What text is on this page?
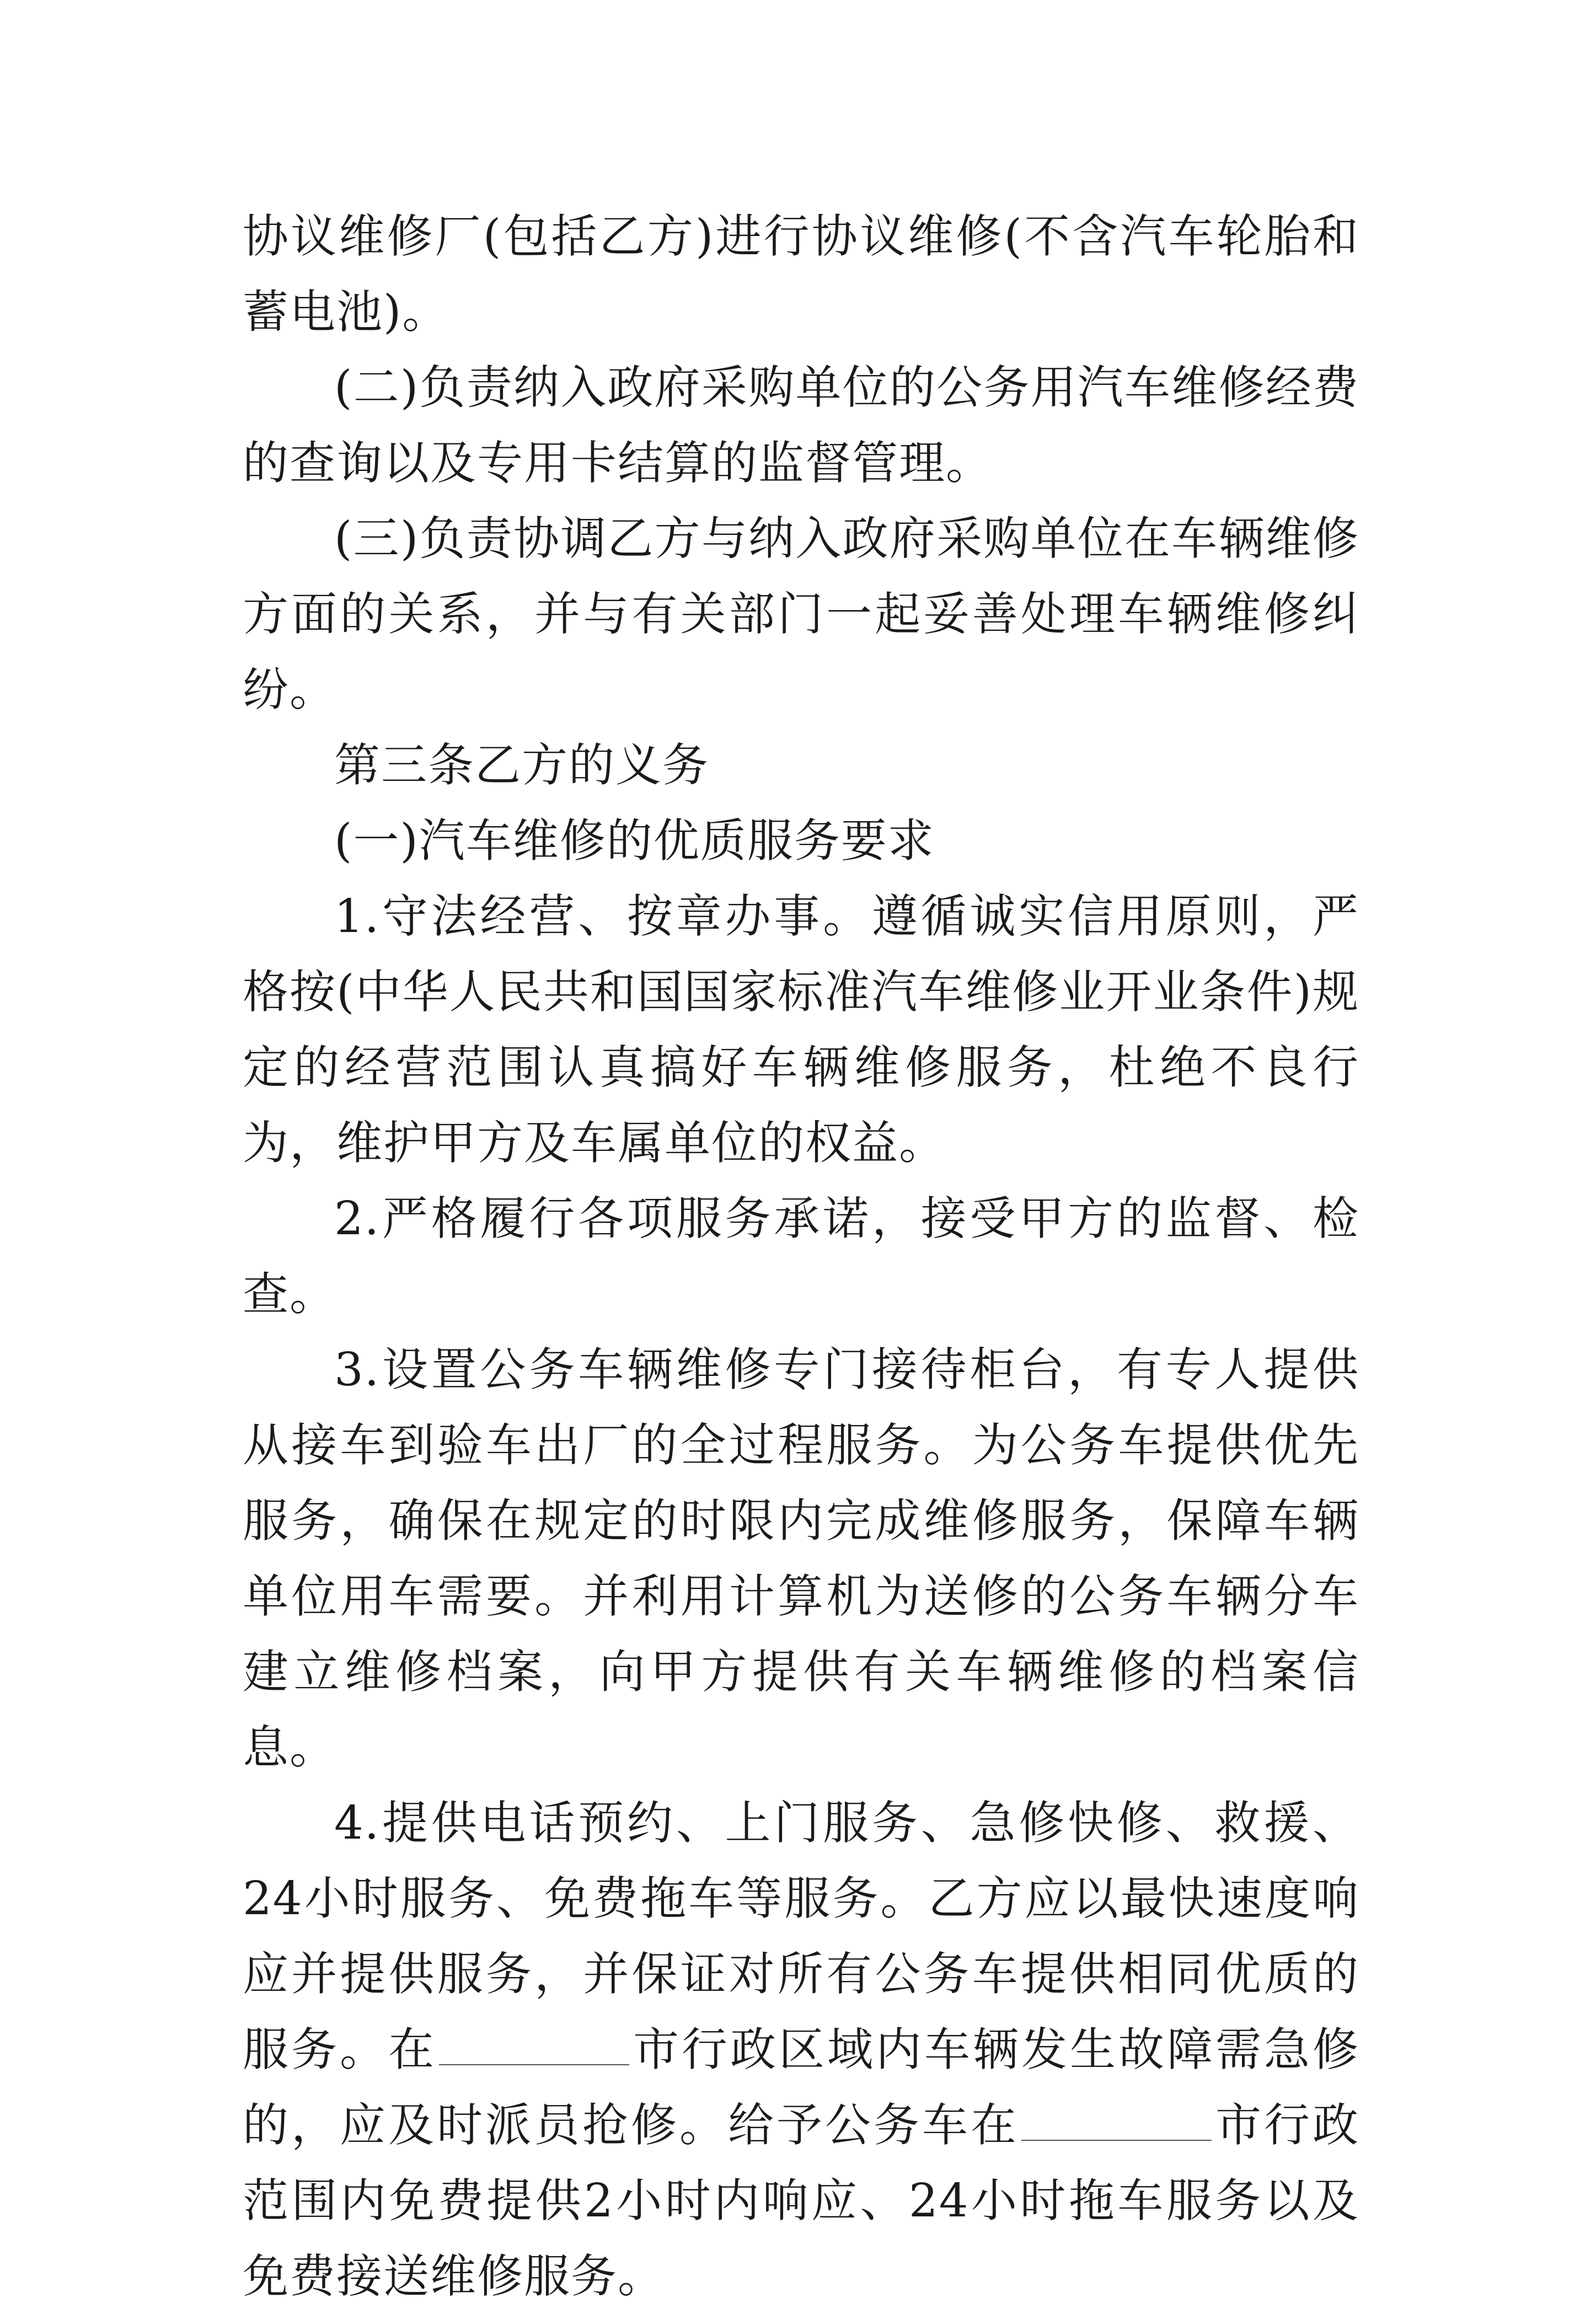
协议维修厂(包括乙方)进行协议维修(不含汽车轮胎和蓄电池)。

(二)负责纳入政府采购单位的公务用汽车维修经费的查询以及专用卡结算的监督管理。

(三)负责协调乙方与纳入政府采购单位在车辆维修方面的关系，并与有关部门一起妥善处理车辆维修纠纷。

第三条乙方的义务

(一)汽车维修的优质服务要求

1.守法经营、按章办事。遵循诚实信用原则，严格按(中华人民共和国国家标准汽车维修业开业条件)规定的经营范围认真搞好车辆维修服务，杜绝不良行为，维护甲方及车属单位的权益。

2.严格履行各项服务承诺，接受甲方的监督、检查。

3.设置公务车辆维修专门接待柜台，有专人提供从接车到验车出厂的全过程服务。为公务车提供优先服务，确保在规定的时限内完成维修服务，保障车辆单位用车需要。并利用计算机为送修的公务车辆分车建立维修档案，向甲方提供有关车辆维修的档案信息。

4.提供电话预约、上门服务、急修快修、救援、24小时服务、免费拖车等服务。乙方应以最快速度响应并提供服务，并保证对所有公务车提供相同优质的服务。在	市行政区域内车辆发生故障需急修的，应及时派员抢修。给予公务车在	市行政范围内免费提供2小时内响应、24小时拖车服务以及免费接送维修服务。
